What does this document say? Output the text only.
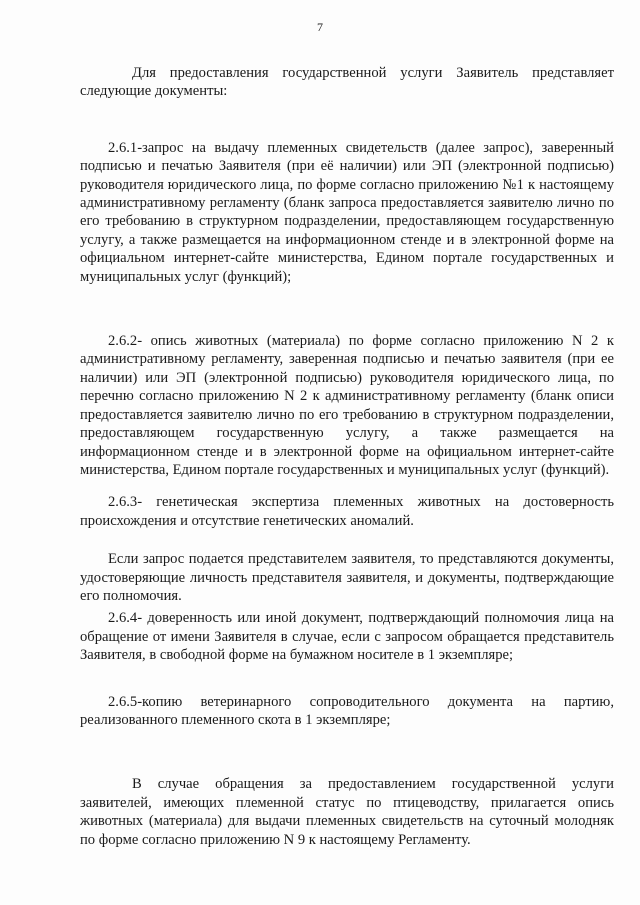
7

Для предоставления государственной услуги Заявитель представляет следующие документы:

2.6.1-запрос на выдачу племенных свидетельств (далее запрос), заверенный подписью и печатью Заявителя (при её наличии) или ЭП (электронной подписью) руководителя юридического лица, по форме согласно приложению №1 к настоящему административному регламенту (бланк запроса предоставляется заявителю лично по его требованию в структурном подразделении, предоставляющем государственную услугу, а также размещается на информационном стенде и в электронной форме на официальном интернет-сайте министерства, Едином портале государственных и муниципальных услуг (функций);

2.6.2- опись животных (материала) по форме согласно приложению N 2 к административному регламенту, заверенная подписью и печатью заявителя (при ее наличии) или ЭП (электронной подписью) руководителя юридического лица, по перечню согласно приложению N 2 к административному регламенту (бланк описи предоставляется заявителю лично по его требованию в структурном подразделении, предоставляющем государственную услугу, а также размещается на информационном стенде и в электронной форме на официальном интернет-сайте министерства, Едином портале государственных и муниципальных услуг (функций).

2.6.3- генетическая экспертиза племенных животных на достоверность происхождения и отсутствие генетических аномалий.

Если запрос подается представителем заявителя, то представляются документы, удостоверяющие личность представителя заявителя, и документы, подтверждающие его полномочия.

2.6.4- доверенность или иной документ, подтверждающий полномочия лица на обращение от имени Заявителя в случае, если с запросом обращается представитель Заявителя, в свободной форме на бумажном носителе в 1 экземпляре;

2.6.5-копию ветеринарного сопроводительного документа на партию, реализованного племенного скота в 1 экземпляре;

В случае обращения за предоставлением государственной услуги заявителей, имеющих племенной статус по птицеводству, прилагается опись животных (материала) для выдачи племенных свидетельств на суточный молодняк по форме согласно приложению N 9 к настоящему Регламенту.
